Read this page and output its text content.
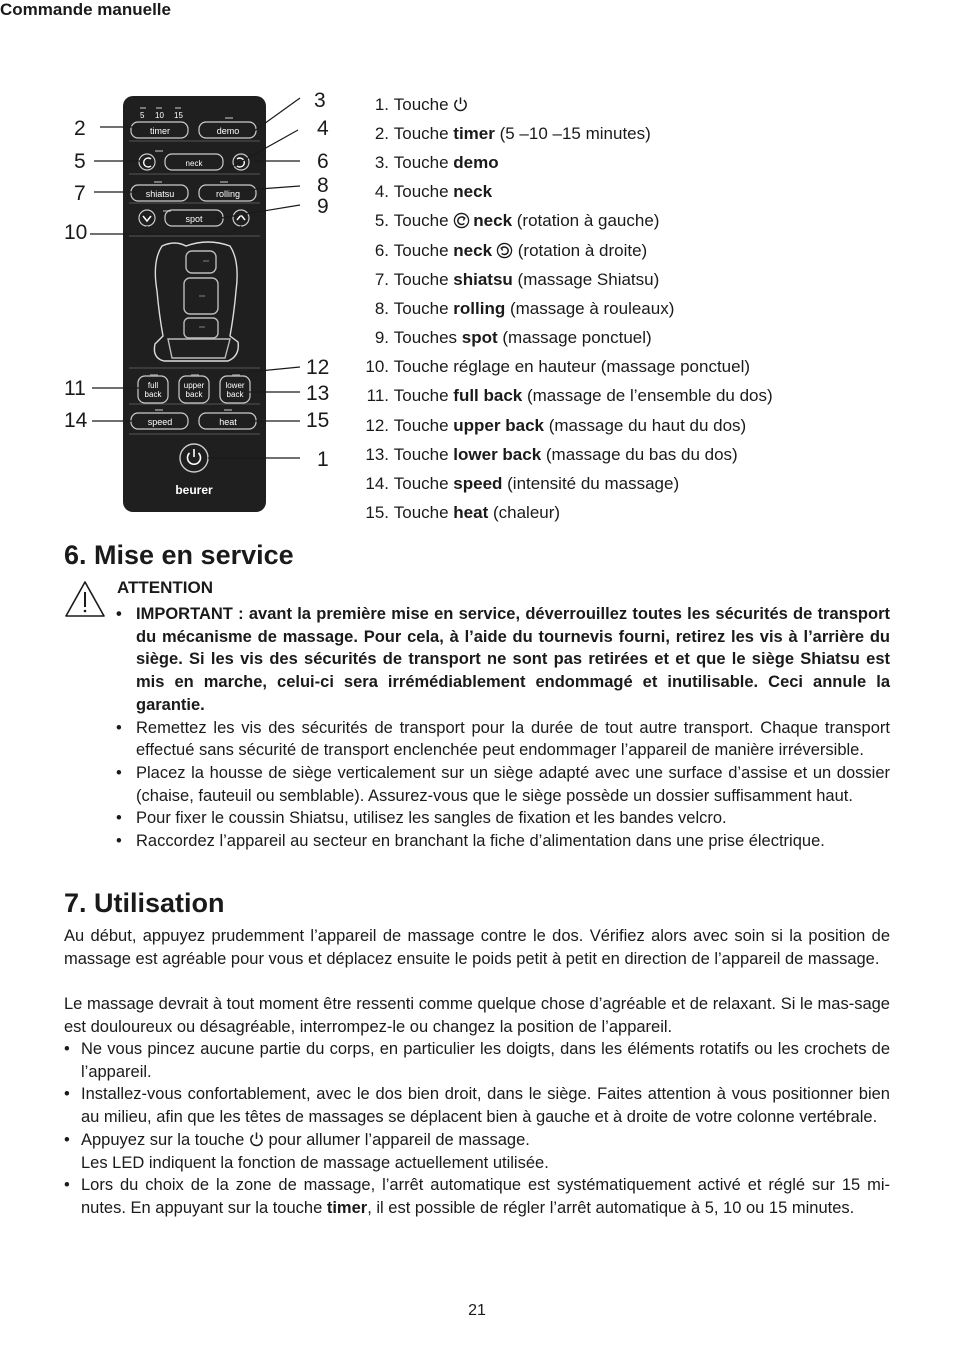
Commande manuelle
5 10 15
timer	demo
neck
shiatsu	rolling
spot
full
back
upper
back
lower
back
speed	heat
beurer
3
2	4
5	6
7	8
9
10
12
11	13
14	15
1
1.
Touche

2.
Touche timer (5 –10 –15 minutes)
3.
Touche demo
4.
Touche neck
5.
Touche neck (rotation à gauche)
6.
Touche neck (rotation à droite)
7.
Touche shiatsu (massage Shiatsu)
8.
Touche rolling (massage à rouleaux)
9.
Touches spot (massage ponctuel)
10.
Touche réglage en hauteur (massage ponctuel)
11.
Touche full back (massage de l’ensemble du dos)
12.
Touche upper back (massage du haut du dos)
13.
Touche lower back (massage du bas du dos)
14.
Touche speed (intensité du massage)
15.
Touche heat (chaleur)
6. Mise en service
ATTENTION
• IMPORTANT : avant la première mise en service, déverrouillez toutes les sécurités de transport du mécanisme de massage. Pour cela, à l’aide du tournevis fourni, retirez les vis à l’arrière du siège. Si les vis des sécurités de transport ne sont pas retirées et et que le siège Shiatsu est mis en marche, celui-ci sera irrémédiablement endommagé et inutilisable. Ceci annule la garantie.
• Remettez les vis des sécurités de transport pour la durée de tout autre transport. Chaque transport effectué sans sécurité de transport enclenchée peut endommager l’appareil de manière irréversible.
• Placez la housse de siège verticalement sur un siège adapté avec une surface d’assise et un dossier (chaise, fauteuil ou semblable). Assurez-vous que le siège possède un dossier suffisamment haut.
• Pour fixer le coussin Shiatsu, utilisez les sangles de fixation et les bandes velcro.
• Raccordez l’appareil au secteur en branchant la fiche d’alimentation dans une prise électrique.
7. Utilisation

Au début, appuyez prudemment l’appareil de massage contre le dos. Vérifiez alors avec soin si la position de massage est agréable pour vous et déplacez ensuite le poids petit à petit en direction de l’appareil de massage.

Le massage devrait à tout moment être ressenti comme quelque chose d’agréable et de relaxant. Si le mas-sage est douloureux ou désagréable, interrompez-le ou changez la position de l’appareil.

• Ne vous pincez aucune partie du corps, en particulier les doigts, dans les éléments rotatifs ou les crochets de l’appareil.
• Installez-vous confortablement, avec le dos bien droit, dans le siège. Faites attention à vous positionner bien au milieu, afin que les têtes de massages se déplacent bien à gauche et à droite de votre colonne vertébrale.
• Appuyez sur la touche  pour allumer l’appareil de massage.
Les LED indiquent la fonction de massage actuellement utilisée.
• Lors du choix de la zone de massage, l’arrêt automatique est systématiquement activé et réglé sur 15 mi-nutes. En appuyant sur la touche timer, il est possible de régler l’arrêt automatique à 5, 10 ou 15 minutes.
21
